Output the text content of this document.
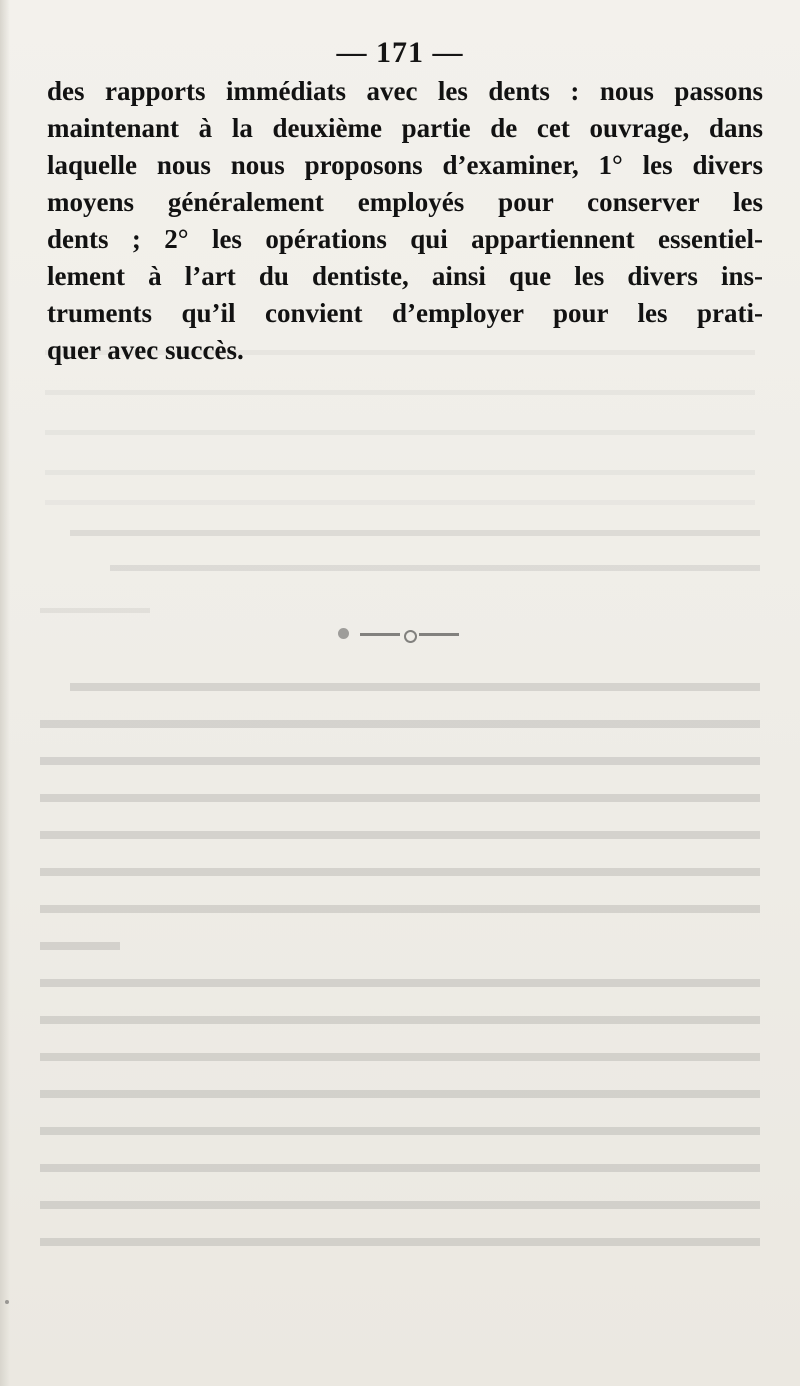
— 171 —
des rapports immédiats avec les dents : nous passons
maintenant à la deuxième partie de cet ouvrage, dans
laquelle nous nous proposons d’examiner, 1° les divers
moyens généralement employés pour conserver les
dents ; 2° les opérations qui appartiennent essentiel-
lement à l’art du dentiste, ainsi que les divers ins-
truments qu’il convient d’employer pour les prati-
quer avec succès.
